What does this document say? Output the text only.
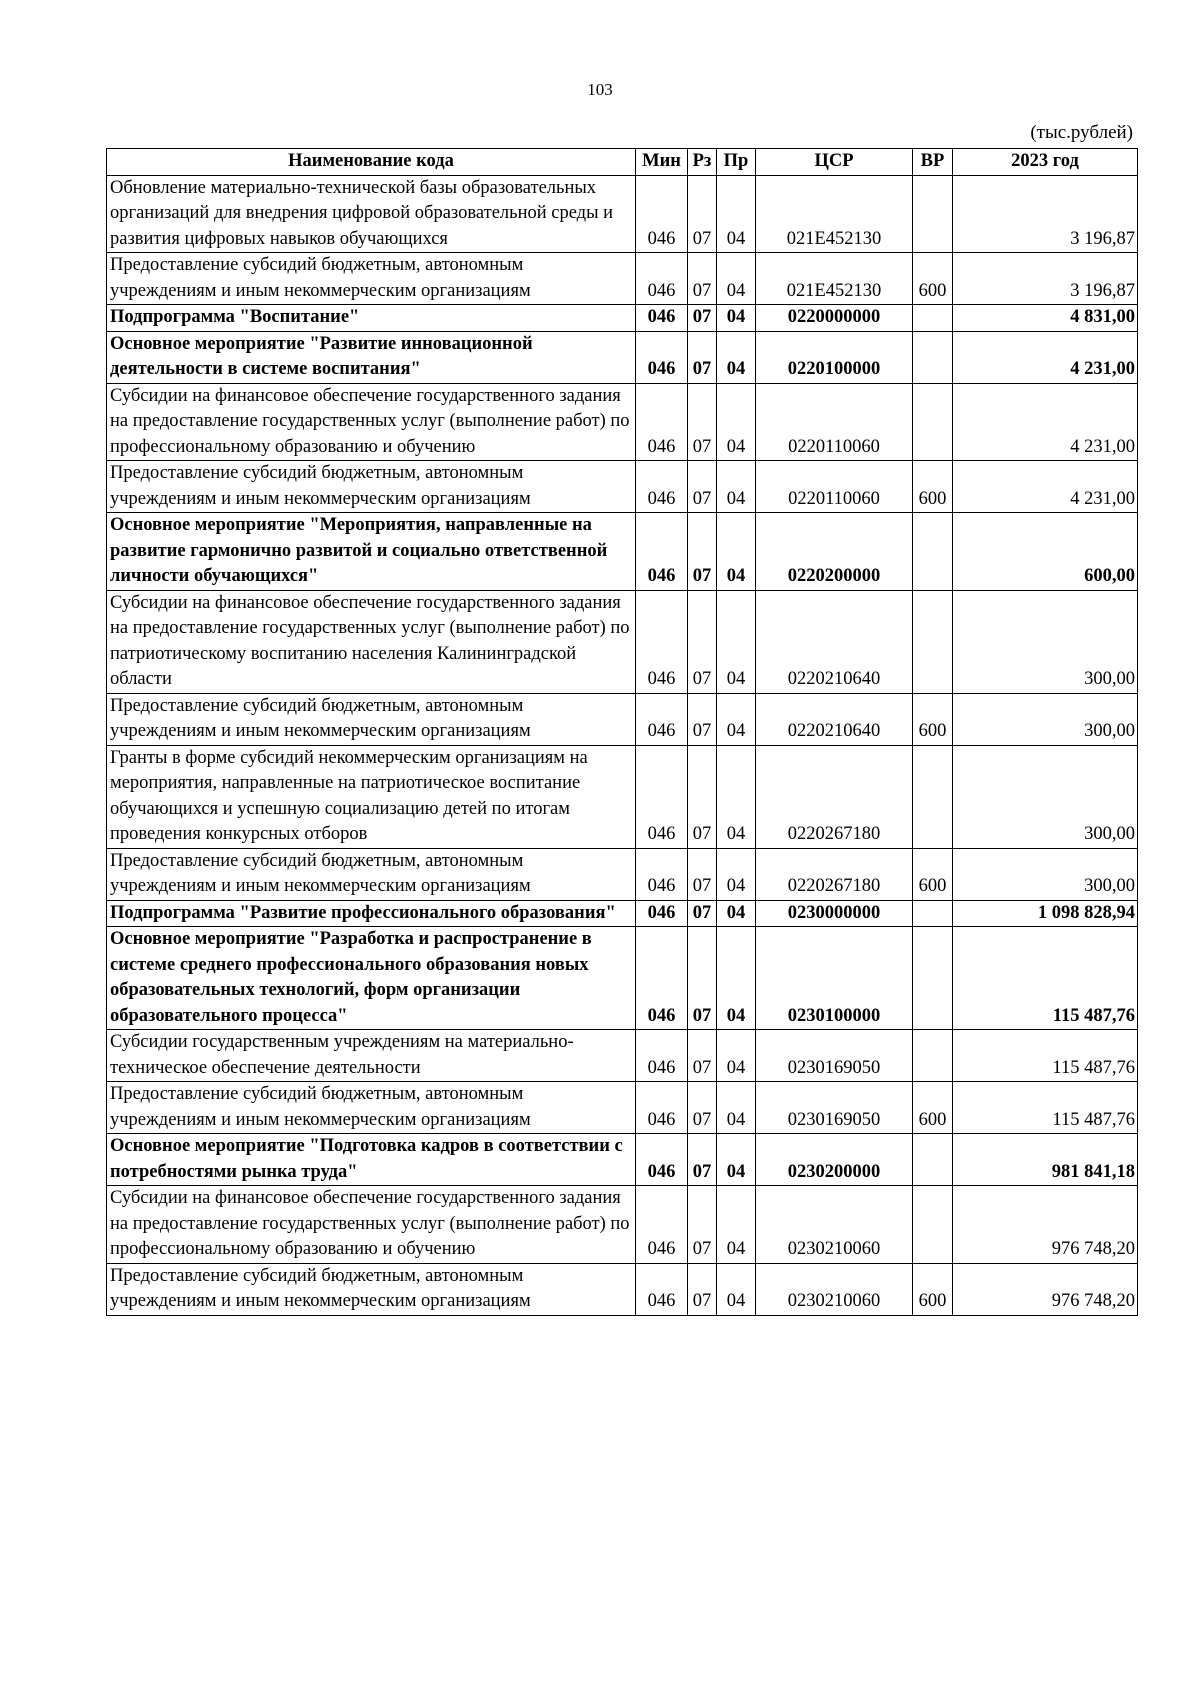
103
(тыс.рублей)
Наименование кода	Мин	Рз	Пр	ЦСР	ВР	2023 год
Обновление материально-технической базы образовательных организаций для внедрения цифровой образовательной среды и развития цифровых навыков обучающихся	046	07	04	021E452130		3 196,87
Предоставление субсидий бюджетным, автономным учреждениям и иным некоммерческим организациям	046	07	04	021E452130	600	3 196,87
Подпрограмма "Воспитание"	046	07	04	0220000000		4 831,00
Основное мероприятие "Развитие инновационной деятельности в системе воспитания"	046	07	04	0220100000		4 231,00
Субсидии на финансовое обеспечение государственного задания на предоставление государственных услуг (выполнение работ) по профессиональному образованию и обучению	046	07	04	0220110060		4 231,00
Предоставление субсидий бюджетным, автономным учреждениям и иным некоммерческим организациям	046	07	04	0220110060	600	4 231,00
Основное мероприятие "Мероприятия, направленные на развитие гармонично развитой и социально ответственной личности обучающихся"	046	07	04	0220200000		600,00
Субсидии на финансовое обеспечение государственного задания на предоставление государственных услуг (выполнение работ) по патриотическому воспитанию населения Калининградской области	046	07	04	0220210640		300,00
Предоставление субсидий бюджетным, автономным учреждениям и иным некоммерческим организациям	046	07	04	0220210640	600	300,00
Гранты в форме субсидий некоммерческим организациям на мероприятия, направленные на патриотическое воспитание обучающихся и успешную социализацию детей по итогам проведения конкурсных отборов	046	07	04	0220267180		300,00
Предоставление субсидий бюджетным, автономным учреждениям и иным некоммерческим организациям	046	07	04	0220267180	600	300,00
Подпрограмма "Развитие профессионального образования"	046	07	04	0230000000		1 098 828,94
Основное мероприятие "Разработка и распространение в системе среднего профессионального образования новых образовательных технологий, форм организации образовательного процесса"	046	07	04	0230100000		115 487,76
Субсидии государственным учреждениям на материально-техническое обеспечение деятельности	046	07	04	0230169050		115 487,76
Предоставление субсидий бюджетным, автономным учреждениям и иным некоммерческим организациям	046	07	04	0230169050	600	115 487,76
Основное мероприятие "Подготовка кадров в соответствии с потребностями рынка труда"	046	07	04	0230200000		981 841,18
Субсидии на финансовое обеспечение государственного задания на предоставление государственных услуг (выполнение работ) по профессиональному образованию и обучению	046	07	04	0230210060		976 748,20
Предоставление субсидий бюджетным, автономным учреждениям и иным некоммерческим организациям	046	07	04	0230210060	600	976 748,20
